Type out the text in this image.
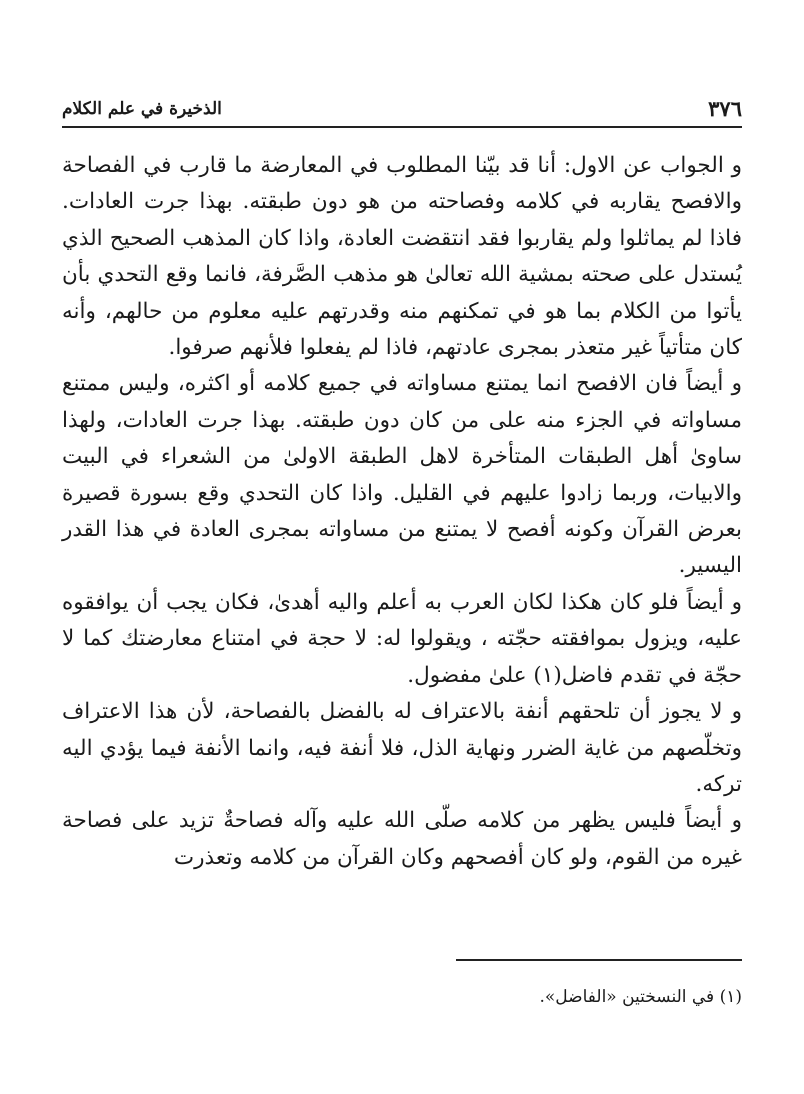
٣٧٦
الذخيرة في علم الكلام

و الجواب عن الاول: أنا قد بيّنا المطلوب في المعارضة ما قارب في الفصاحة والافصح يقاربه في كلامه وفصاحته من هو دون طبقته. بهذا جرت العادات. فاذا لم يماثلوا ولم يقاربوا فقد انتقضت العادة، واذا كان المذهب الصحيح الذي يُستدل على صحته بمشية الله تعالىٰ هو مذهب الصَّرفة، فانما وقع التحدي بأن يأتوا من الكلام بما هو في تمكنهم منه وقدرتهم عليه معلوم من حالهم، وأنه كان متأتياً غير متعذر بمجرى عادتهم، فاذا لم يفعلوا فلأنهم صرفوا.

و أيضاً فان الافصح انما يمتنع مساواته في جميع كلامه أو اكثره، وليس ممتنع مساواته في الجزء منه على من كان دون طبقته. بهذا جرت العادات، ولهذا ساوىٰ أهل الطبقات المتأخرة لاهل الطبقة الاولىٰ من الشعراء في البيت والابيات، وربما زادوا عليهم في القليل. واذا كان التحدي وقع بسورة قصيرة بعرض القرآن وكونه أفصح لا يمتنع من مساواته بمجرى العادة في هذا القدر اليسير.

و أيضاً فلو كان هكذا لكان العرب به أعلم واليه أهدىٰ، فكان يجب أن يوافقوه عليه، ويزول بموافقته حجّته ، ويقولوا له: لا حجة في امتناع معارضتك كما لا حجّة في تقدم فاضل(١) علىٰ مفضول.

و لا يجوز أن تلحقهم أنفة بالاعتراف له بالفضل بالفصاحة، لأن هذا الاعتراف وتخلّصهم من غاية الضرر ونهاية الذل، فلا أنفة فيه، وانما الأنفة فيما يؤدي اليه تركه.

و أيضاً فليس يظهر من كلامه صلّى الله عليه وآله فصاحةٌ تزيد على فصاحة غيره من القوم، ولو كان أفصحهم وكان القرآن من كلامه وتعذرت

(١) في النسختين «الفاضل».
